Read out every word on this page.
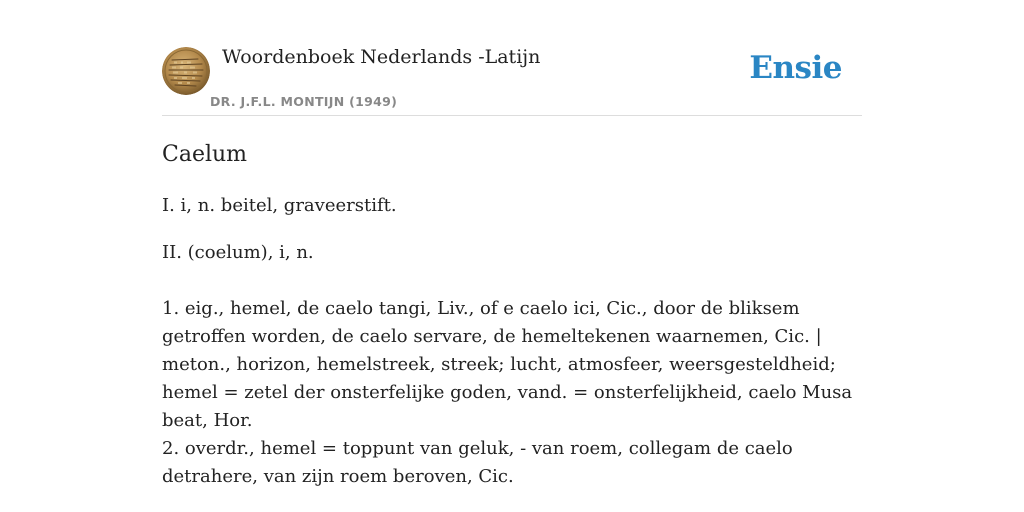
Woordenboek Nederlands -Latijn
DR. J.F.L. MONTIJN (1949)
Ensie
Caelum

I. i, n. beitel, graveerstift.

II. (coelum), i, n.

1. eig., hemel, de caelo tangi, Liv., of e caelo ici, Cic., door de bliksem getroffen worden, de caelo servare, de hemeltekenen waarnemen, Cic. | meton., horizon, hemelstreek, streek; lucht, atmosfeer, weersgesteldheid; hemel = zetel der onsterfelijke goden, vand. = onsterfelijkheid, caelo Musa beat, Hor.

2. overdr., hemel = toppunt van geluk, - van roem, collegam de caelo detrahere, van zijn roem beroven, Cic.
